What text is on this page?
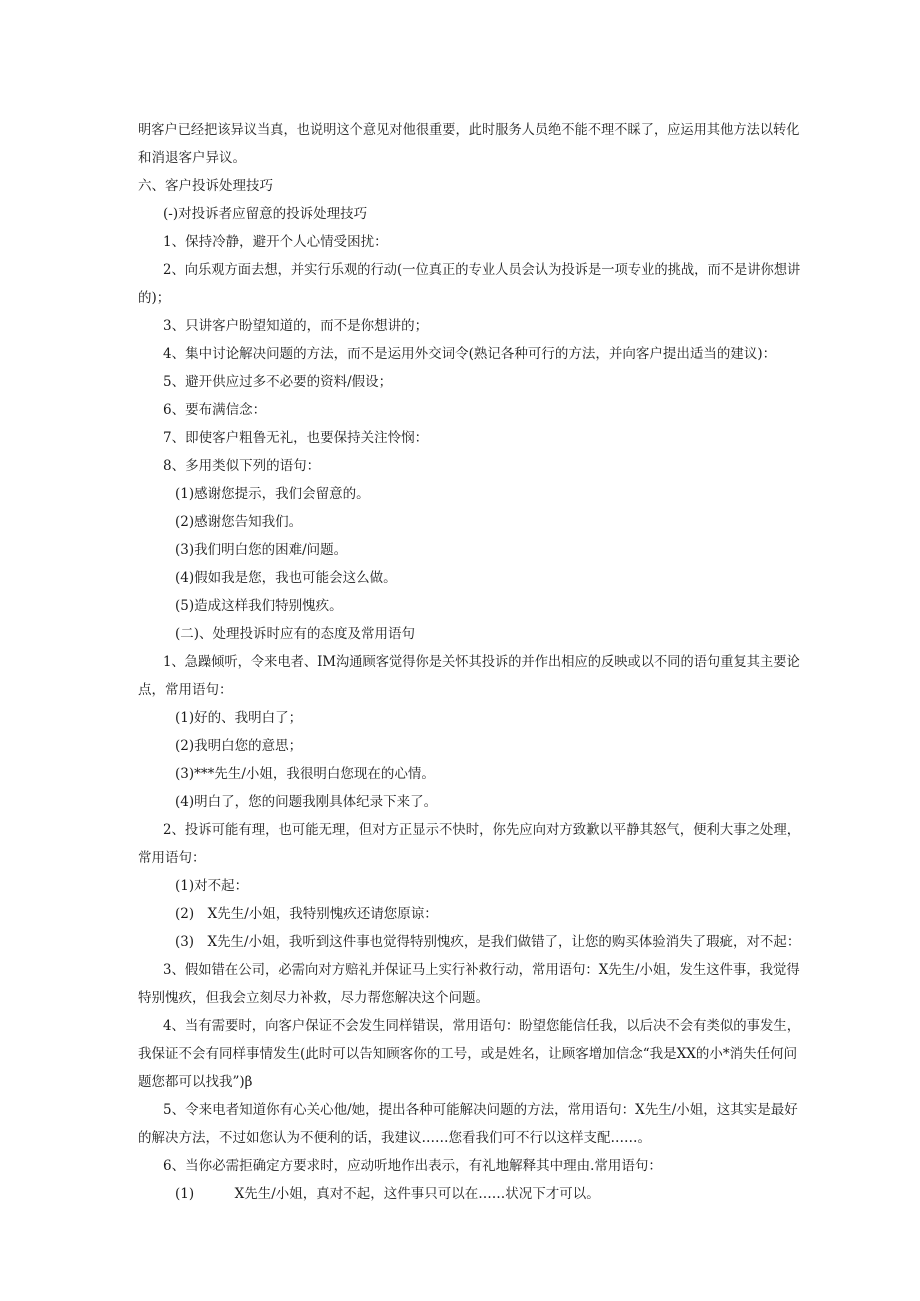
明客户已经把该异议当真，也说明这个意见对他很重要，此时服务人员绝不能不理不睬了，应运用其他方法以转化
和消退客户异议。
六、客户投诉处理技巧
(-)对投诉者应留意的投诉处理技巧
1、保持冷静，避开个人心情受困扰：
2、向乐观方面去想，并实行乐观的行动(一位真正的专业人员会认为投诉是一项专业的挑战，而不是讲你想讲
的)；
3、只讲客户盼望知道的，而不是你想讲的；
4、集中讨论解决问题的方法，而不是运用外交词令(熟记各种可行的方法，并向客户提出适当的建议)：
5、避开供应过多不必要的资料/假设；
6、要布满信念：
7、即使客户粗鲁无礼，也要保持关注怜悯：
8、多用类似下列的语句：
(1)感谢您提示，我们会留意的。
(2)感谢您告知我们。
(3)我们明白您的困难/问题。
(4)假如我是您，我也可能会这么做。
(5)造成这样我们特别愧疚。
(二)、处理投诉时应有的态度及常用语句
1、急躁倾听，令来电者、IM沟通顾客觉得你是关怀其投诉的并作出相应的反映或以不同的语句重复其主要论
点，常用语句：
(1)好的、我明白了；
(2)我明白您的意思；
(3)***先生/小姐，我很明白您现在的心情。
(4)明白了，您的问题我刚具体纪录下来了。
2、投诉可能有理，也可能无理，但对方正显示不快时，你先应向对方致歉以平静其怒气，便利大事之处理，
常用语句：
(1)对不起：
(2)　X先生/小姐，我特别愧疚还请您原谅：
(3)　X先生/小姐，我听到这件事也觉得特别愧疚，是我们做错了，让您的购买体验消失了瑕疵，对不起：
3、假如错在公司，必需向对方赔礼并保证马上实行补救行动，常用语句：X先生/小姐，发生这件事，我觉得
特别愧疚，但我会立刻尽力补救，尽力帮您解决这个问题。
4、当有需要时，向客户保证不会发生同样错误，常用语句：盼望您能信任我，以后决不会有类似的事发生，
我保证不会有同样事情发生(此时可以告知顾客你的工号，或是姓名，让顾客增加信念“我是XX的小*消失任何问
题您都可以找我”)β
5、令来电者知道你有心关心他/她，提出各种可能解决问题的方法，常用语句：X先生/小姐，这其实是最好
的解决方法，不过如您认为不便利的话，我建议……您看我们可不行以这样支配……。
6、当你必需拒确定方要求时，应动听地作出表示，有礼地解释其中理由.常用语句：
(1)　　　X先生/小姐，真对不起，这件事只可以在……状况下才可以。
